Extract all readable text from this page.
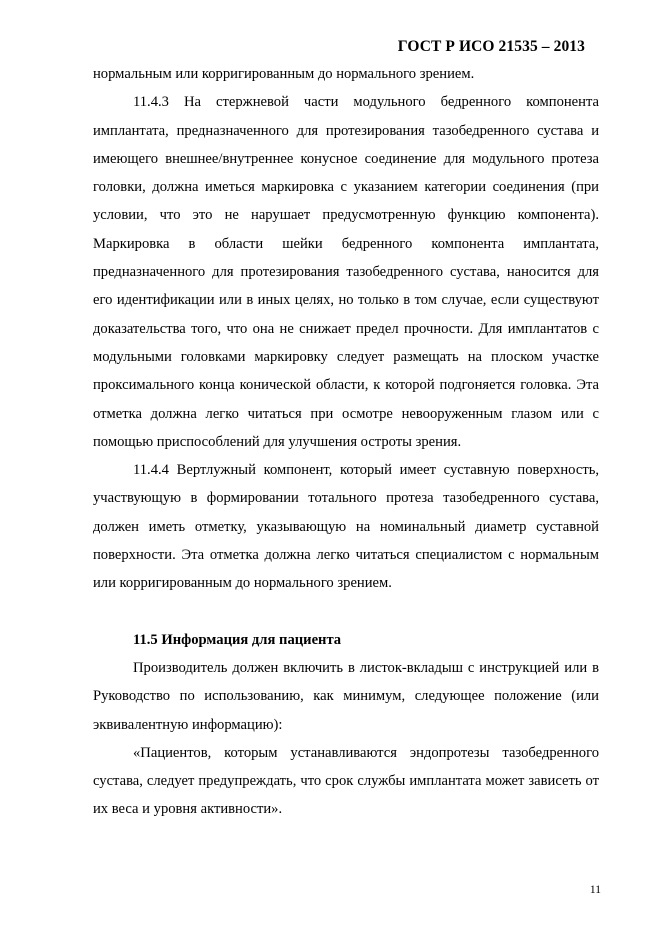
ГОСТ Р ИСО 21535 – 2013

нормальным или корригированным до нормального зрением.

11.4.3 На стержневой части модульного бедренного компонента имплантата, предназначенного для протезирования тазобедренного сустава и имеющего внешнее/внутреннее конусное соединение для модульного протеза головки, должна иметься маркировка с указанием категории соединения (при условии, что это не нарушает предусмотренную функцию компонента). Маркировка в области шейки бедренного компонента имплантата, предназначенного для протезирования тазобедренного сустава, наносится для его идентификации или в иных целях, но только в том случае, если существуют доказательства того, что она не снижает предел прочности. Для имплантатов с модульными головками маркировку следует размещать на плоском участке проксимального конца конической области, к которой подгоняется головка. Эта отметка должна легко читаться при осмотре невооруженным глазом или с помощью приспособлений для улучшения остроты зрения.

11.4.4 Вертлужный компонент, который имеет суставную поверхность, участвующую в формировании тотального протеза тазобедренного сустава, должен иметь отметку, указывающую на номинальный диаметр суставной поверхности. Эта отметка должна легко читаться специалистом с нормальным или корригированным до нормального зрением.

11.5 Информация для пациента

Производитель должен включить в листок-вкладыш с инструкцией или в Руководство по использованию, как минимум, следующее положение (или эквивалентную информацию):

«Пациентов, которым устанавливаются эндопротезы тазобедренного сустава, следует предупреждать, что срок службы имплантата может зависеть от их веса и уровня активности».

11
